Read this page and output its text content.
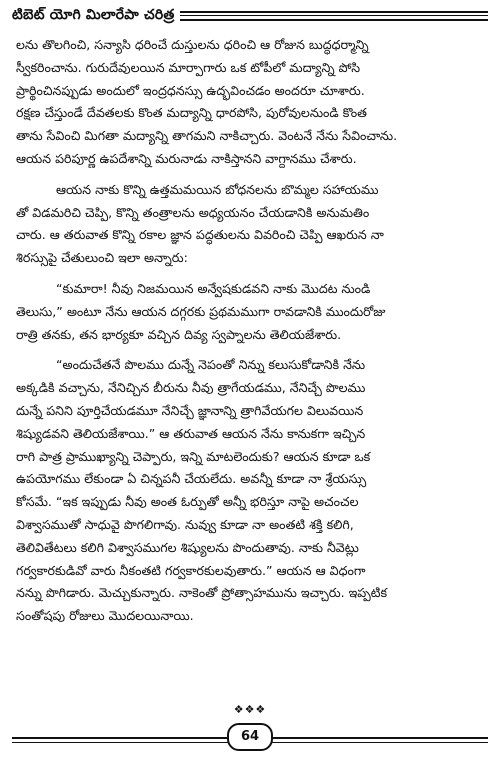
టిబెట్ యోగి మిలారేపా చరిత్ర

లను తొలగించి, సన్యాసి ధరించే దుస్తులను ధరించి ఆ రోజున బుద్ధధర్మాన్ని
స్వీకరించాను. గురుదేవులయిన మార్పాగారు ఒక టోపీలో మద్యాన్ని పోసి
ప్రార్థించినప్పుడు అందులో ఇంద్రధనస్సు ఉద్భవించడం అందరూ చూశారు.
రక్షణ చేస్తుండే దేవతలకు కొంత మద్యాన్ని ధారపోసి, పురోవులనుండి కొంత
తాను సేవించి మిగతా మద్యాన్ని తాగమని నాకిచ్చారు. వెంటనే నేను సేవించాను.
ఆయన పరిపూర్ణ ఉపదేశాన్ని మరునాడు నాకిస్తానని వాగ్దానము చేశారు.

ఆయన నాకు కొన్ని ఉత్తమమయిన బోధనలను బొమ్మల సహాయము
తో విడమరిచి చెప్పి, కొన్ని తంత్రాలను అధ్యయనం చేయడానికి అనుమతిం
చారు. ఆ తరువాత కొన్ని రకాల జ్ఞాన పద్ధతులను వివరించి చెప్పి ఆఖరున నా
శిరస్సుపై చేతులుంచి ఇలా అన్నారు:

“కుమారా! నీవు నిజమయిన అన్వేషకుడవని నాకు మొదట నుండి
తెలుసు,” అంటూ నేను ఆయన దగ్గరకు ప్రథమముగా రావడానికి ముందురోజు
రాత్రి తనకు, తన భార్యకూ వచ్చిన దివ్య స్వప్నాలను తెలియజేశారు.

“అందుచేతనే పొలము దున్నే నెపంతో నిన్ను కలుసుకోడానికి నేను
అక్కడికి వచ్చాను, నేనిచ్చిన బీరును నీవు త్రాగేయడము, నేనిచ్చే పొలము
దున్నే పనిని పూర్తిచేయడమూ నేనిచ్చే జ్ఞానాన్ని త్రాగివేయగల విలువయిన
శిష్యుడవని తెలియజేశాయి.” ఆ తరువాత ఆయన నేను కానుకగా ఇచ్చిన
రాగి పాత్ర ప్రాముఖ్యాన్ని చెప్పారు, ఇన్ని మాటలెందుకు? ఆయన కూడా ఒక
ఉపయోగము లేకుండా ఏ చిన్నపనీ చేయలేదు. అవన్నీ కూడా నా శ్రేయస్సు
కోసమే. “ఇక ఇప్పుడు నీవు అంత ఓర్పుతో అన్నీ భరిస్తూ నాపై అచంచల
విశ్వాసముతో సాధువై పొగలిగావు. నువ్వు కూడా నా అంతటి శక్తి కలిగి,
తెలివితేటలు కలిగి విశ్వాసముగల శిష్యులను పొందుతావు. నాకు నీవెట్లు
గర్వకారకుడివో వారు నీకంతటి గర్వకారకులవుతారు.” ఆయన ఆ విధంగా
నన్ను పొగిడారు. మెచ్చుకున్నారు. నాకెంతో ప్రోత్సాహమును ఇచ్చారు. ఇప్పటిక
సంతోషపు రోజులు మొదలయినాయి.

❖❖❖
64
